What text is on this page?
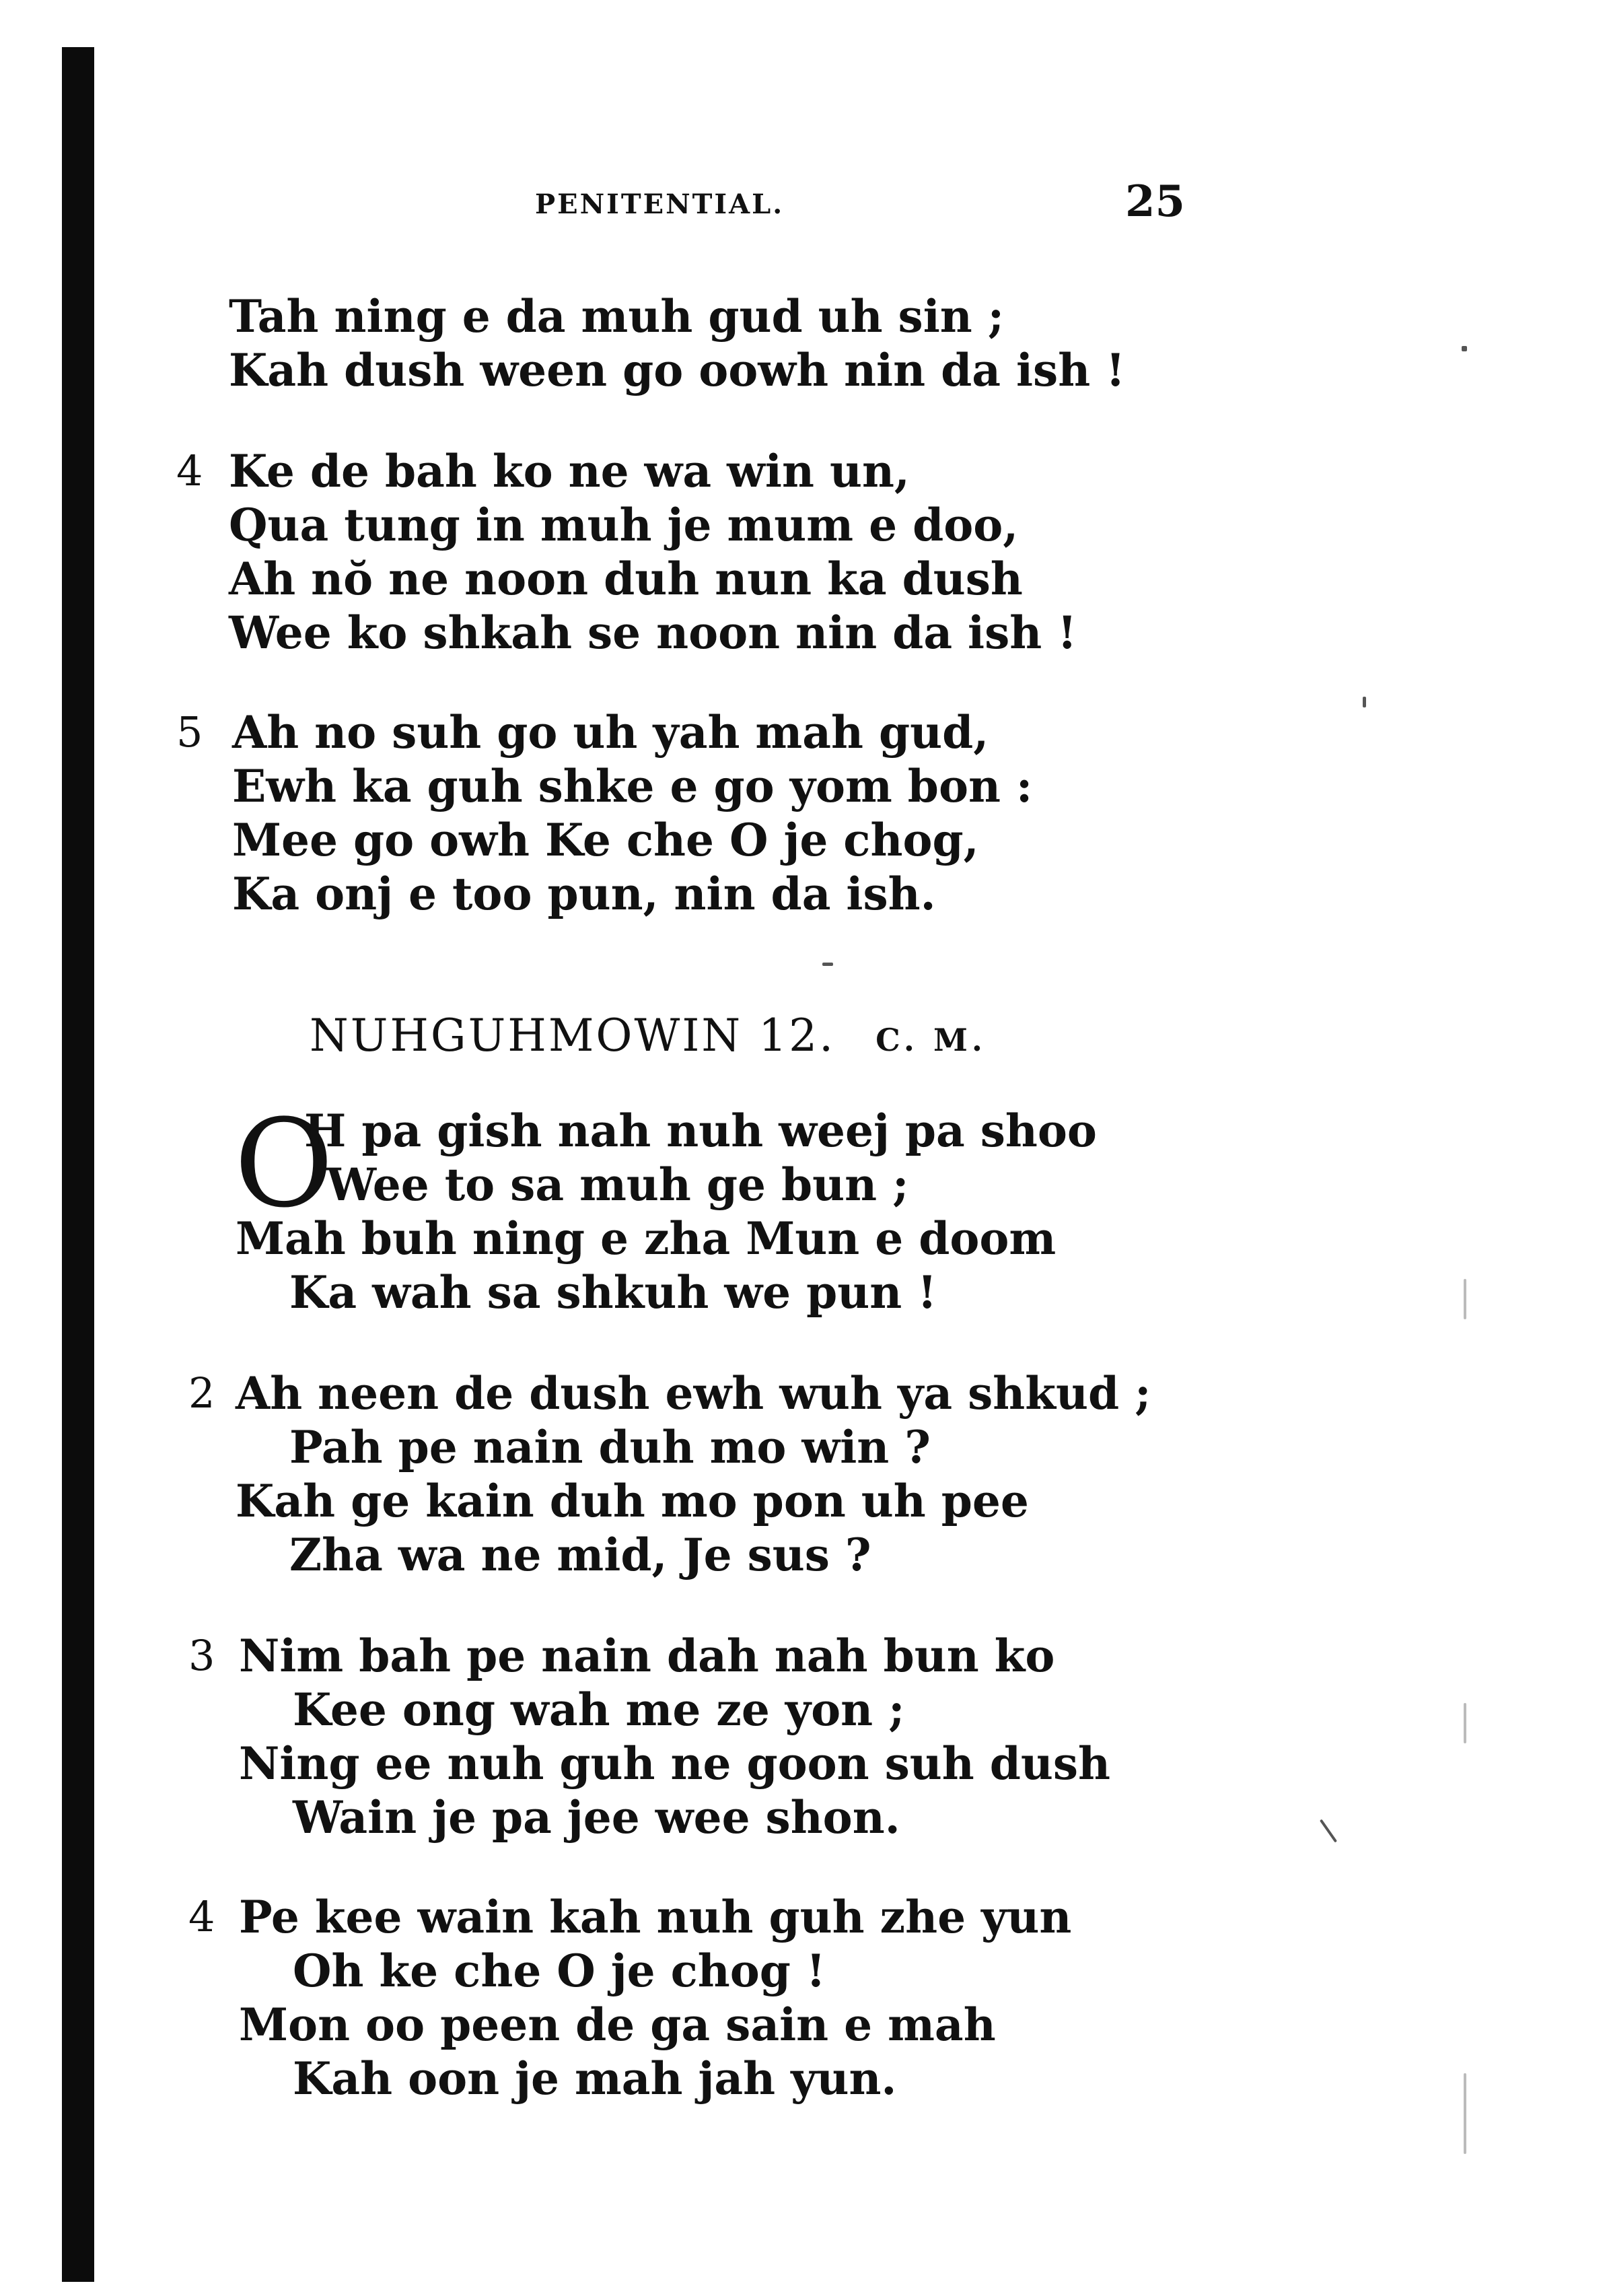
PENITENTIAL.	25
Tah ning e da muh gud uh sin ;
Kah dush ween go oowh nin da ish !
4 Ke de bah ko ne wa win un,
Qua tung in muh je mum e doo,
Ah nŏ ne noon duh nun ka dush
Wee ko shkah se noon nin da ish !
5 Ah no suh go uh yah mah gud,
Ewh ka guh shke e go yom bon :
Mee go owh Ke che O je chog,
Ka onj e too pun, nin da ish.
NUHGUHMOWIN 12. C. M.
O
H pa gish nah nuh weej pa shoo
Wee to sa muh ge bun ;
Mah buh ning e zha Mun e doom
Ka wah sa shkuh we pun !
2 Ah neen de dush ewh wuh ya shkud ;
Pah pe nain duh mo win ?
Kah ge kain duh mo pon uh pee
Zha wa ne mid, Je sus ?
3 Nim bah pe nain dah nah bun ko
Kee ong wah me ze yon ;
Ning ee nuh guh ne goon suh dush
Wain je pa jee wee shon.
4 Pe kee wain kah nuh guh zhe yun
Oh ke che O je chog !
Mon oo peen de ga sain e mah
Kah oon je mah jah yun.
